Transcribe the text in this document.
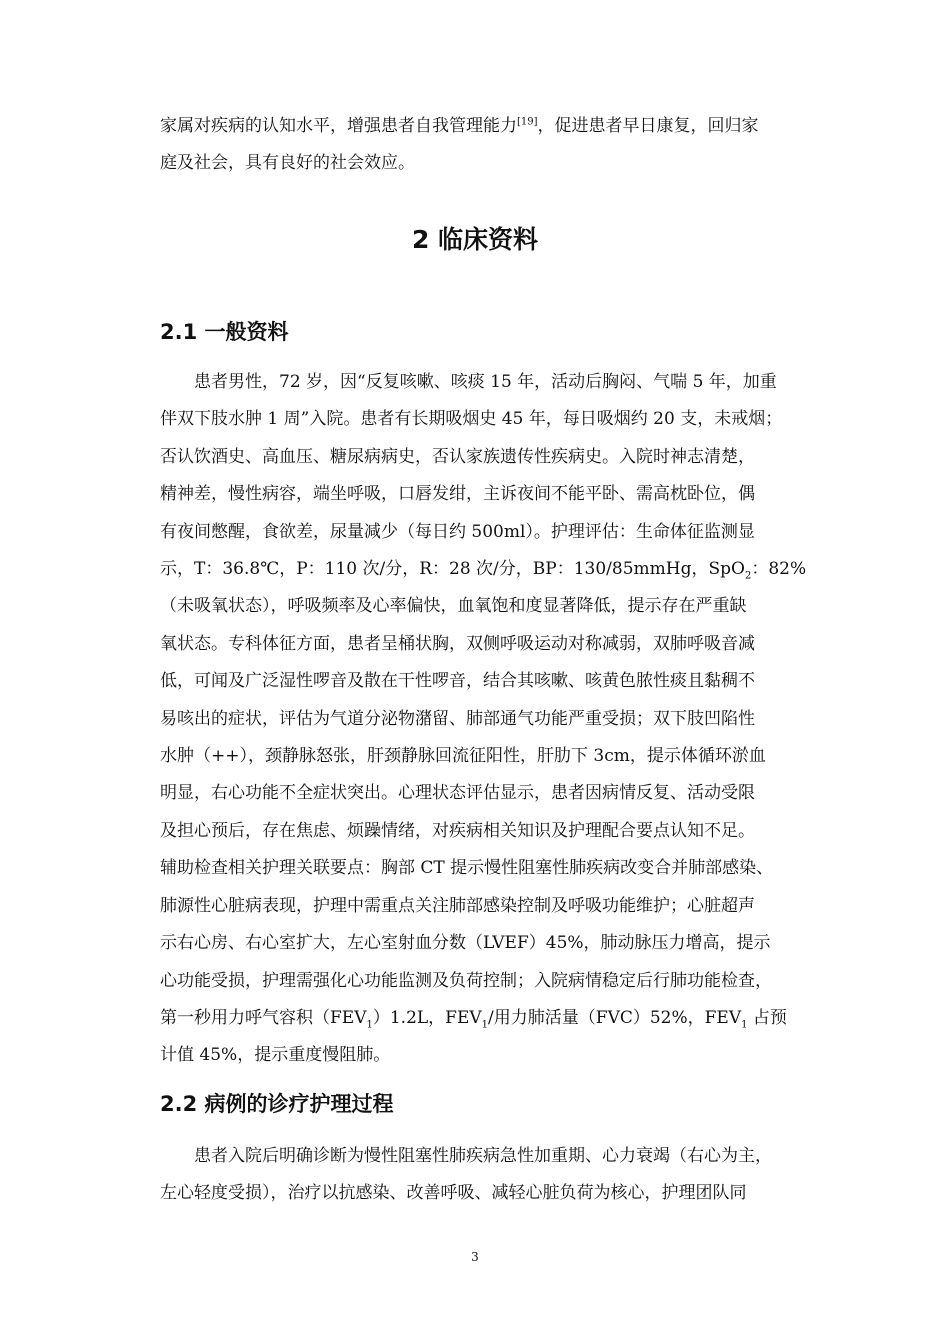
家属对疾病的认知水平，增强患者自我管理能力[19]，促进患者早日康复，回归家
庭及社会，具有良好的社会效应。

2 临床资料
2.1 一般资料

患者男性，72 岁，因“反复咳嗽、咳痰 15 年，活动后胸闷、气喘 5 年，加重
伴双下肢水肿 1 周”入院。患者有长期吸烟史 45 年，每日吸烟约 20 支，未戒烟；
否认饮酒史、高血压、糖尿病病史，否认家族遗传性疾病史。入院时神志清楚，
精神差，慢性病容，端坐呼吸，口唇发绀，主诉夜间不能平卧、需高枕卧位，偶
有夜间憋醒，食欲差，尿量减少（每日约 500ml）。护理评估：生命体征监测显
示，T：36.8℃，P：110 次/分，R：28 次/分，BP：130/85mmHg，SpO$_2$：82%
（未吸氧状态），呼吸频率及心率偏快，血氧饱和度显著降低，提示存在严重缺
氧状态。专科体征方面，患者呈桶状胸，双侧呼吸运动对称减弱，双肺呼吸音减
低，可闻及广泛湿性啰音及散在干性啰音，结合其咳嗽、咳黄色脓性痰且黏稠不
易咳出的症状，评估为气道分泌物潴留、肺部通气功能严重受损；双下肢凹陷性
水肿（++），颈静脉怒张，肝颈静脉回流征阳性，肝肋下 3cm，提示体循环淤血
明显，右心功能不全症状突出。心理状态评估显示，患者因病情反复、活动受限
及担心预后，存在焦虑、烦躁情绪，对疾病相关知识及护理配合要点认知不足。
辅助检查相关护理关联要点：胸部 CT 提示慢性阻塞性肺疾病改变合并肺部感染、
肺源性心脏病表现，护理中需重点关注肺部感染控制及呼吸功能维护；心脏超声
示右心房、右心室扩大，左心室射血分数（LVEF）45%，肺动脉压力增高，提示
心功能受损，护理需强化心功能监测及负荷控制；入院病情稳定后行肺功能检查，
第一秒用力呼气容积$(FEV_1)1.2L$，$FEV_1/$用力肺活量（FVC）52%，$FEV_1$ 占预
计值 45%，提示重度慢阻肺。

2.2 病例的诊疗护理过程

患者入院后明确诊断为慢性阻塞性肺疾病急性加重期、心力衰竭（右心为主，
左心轻度受损），治疗以抗感染、改善呼吸、减轻心脏负荷为核心，护理团队同

3
